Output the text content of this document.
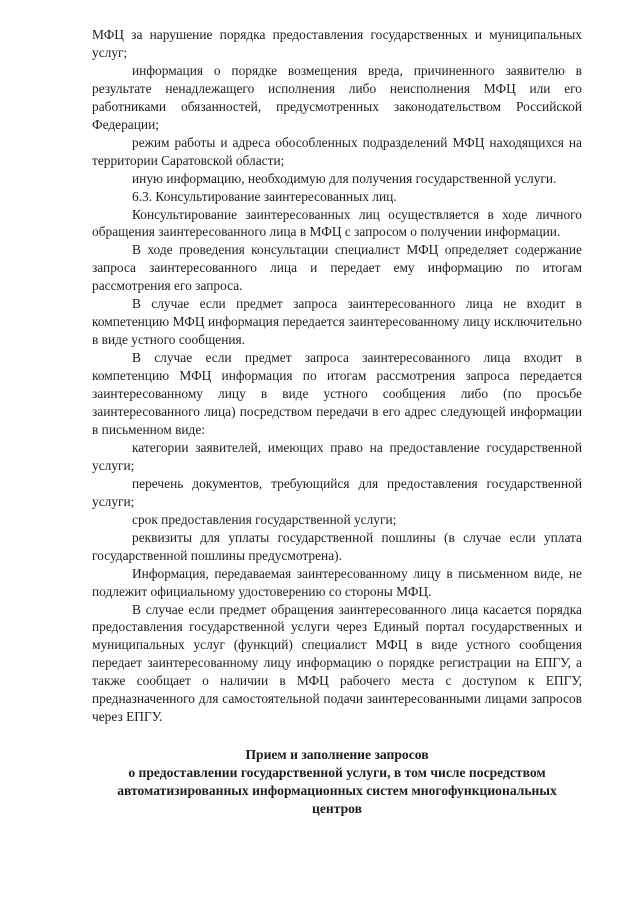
МФЦ за нарушение порядка предоставления государственных и муниципальных услуг;

информация о порядке возмещения вреда, причиненного заявителю в результате ненадлежащего исполнения либо неисполнения МФЦ или его работниками обязанностей, предусмотренных законодательством Российской Федерации;

режим работы и адреса обособленных подразделений МФЦ находящихся на территории Саратовской области;

иную информацию, необходимую для получения государственной услуги.

6.3. Консультирование заинтересованных лиц.

Консультирование заинтересованных лиц осуществляется в ходе личного обращения заинтересованного лица в МФЦ с запросом о получении информации.

В ходе проведения консультации специалист МФЦ определяет содержание запроса заинтересованного лица и передает ему информацию по итогам рассмотрения его запроса.

В случае если предмет запроса заинтересованного лица не входит в компетенцию МФЦ информация передается заинтересованному лицу исключительно в виде устного сообщения.

В случае если предмет запроса заинтересованного лица входит в компетенцию МФЦ информация по итогам рассмотрения запроса передается заинтересованному лицу в виде устного сообщения либо (по просьбе заинтересованного лица) посредством передачи в его адрес следующей информации в письменном виде:

категории заявителей, имеющих право на предоставление государственной услуги;

перечень документов, требующийся для предоставления государственной услуги;

срок предоставления государственной услуги;

реквизиты для уплаты государственной пошлины (в случае если уплата государственной пошлины предусмотрена).

Информация, передаваемая заинтересованному лицу в письменном виде, не подлежит официальному удостоверению со стороны МФЦ.

В случае если предмет обращения заинтересованного лица касается порядка предоставления государственной услуги через Единый портал государственных и муниципальных услуг (функций) специалист МФЦ в виде устного сообщения передает заинтересованному лицу информацию о порядке регистрации на ЕПГУ, а также сообщает о наличии в МФЦ рабочего места с доступом к ЕПГУ, предназначенного для самостоятельной подачи заинтересованными лицами запросов через ЕПГУ.

Прием и заполнение запросов
о предоставлении государственной услуги, в том числе посредством
автоматизированных информационных систем многофункциональных
центров
